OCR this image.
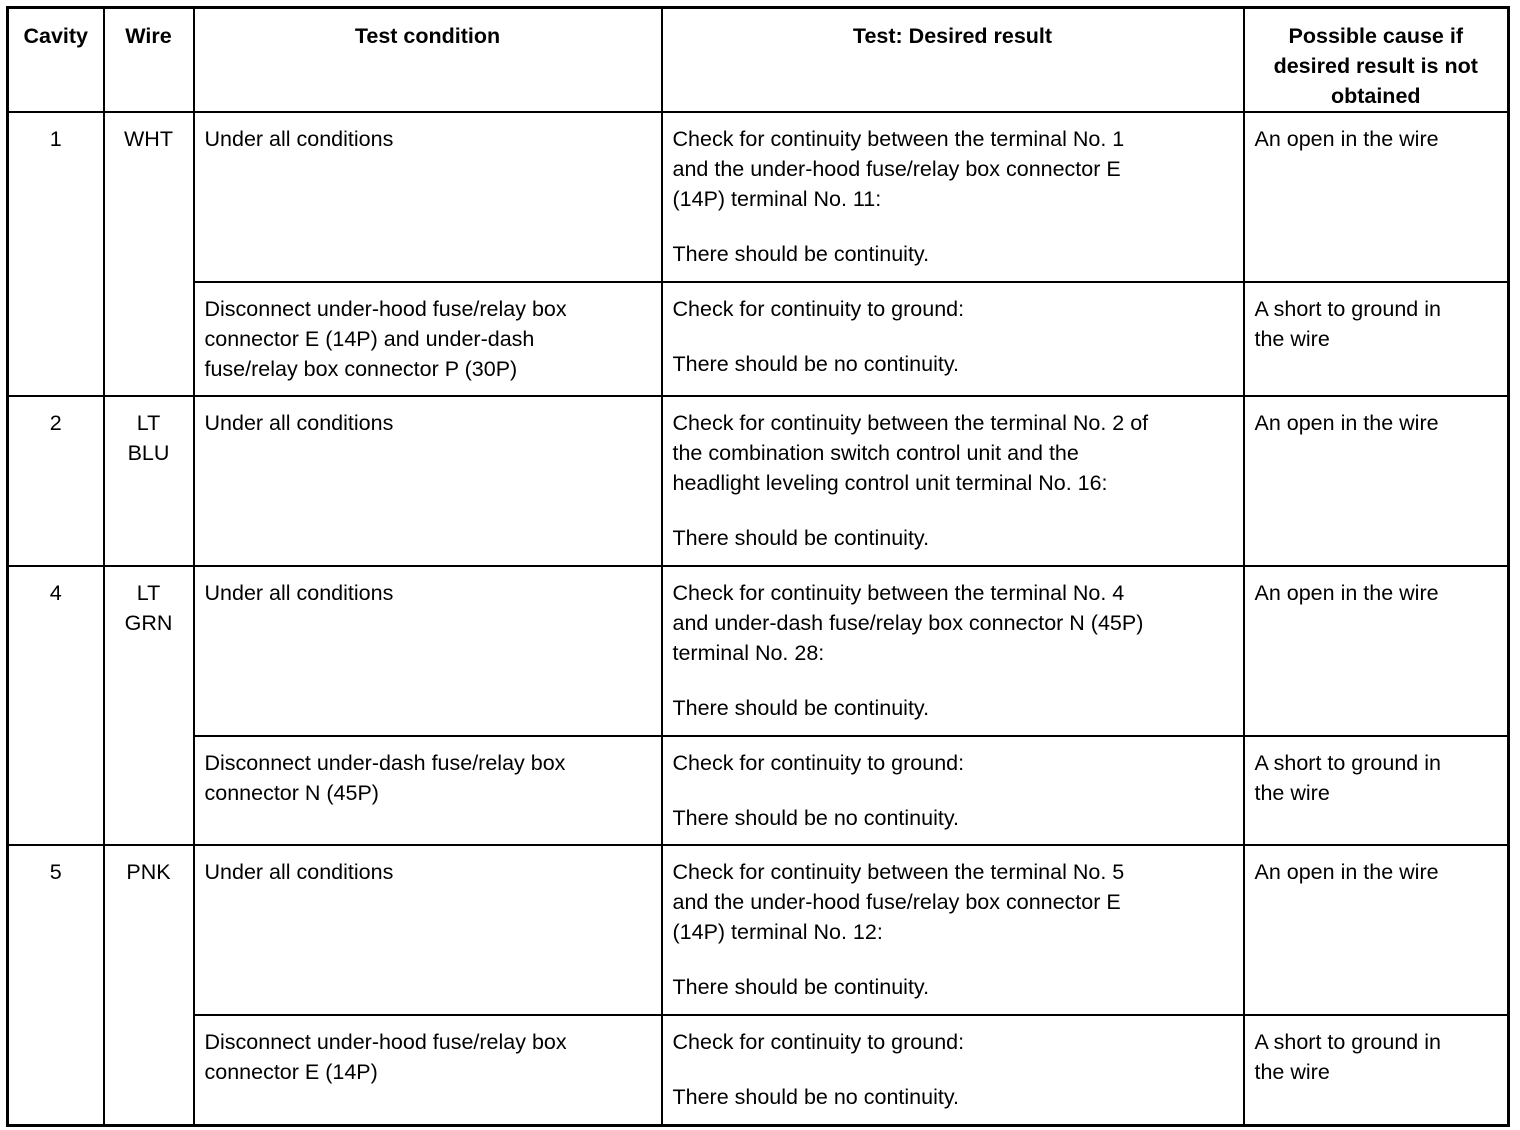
Cavity	Wire	Test condition	Test: Desired result	Possible cause if
desired result is not
obtained

1	WHT	Under all conditions	Check for continuity between the terminal No. 1
and the under-hood fuse/relay box connector E
(14P) terminal No. 11:
There should be continuity.	An open in the wire

		Disconnect under-hood fuse/relay box
connector E (14P) and under-dash
fuse/relay box connector P (30P)	Check for continuity to ground:
There should be no continuity.	A short to ground in
the wire

2	LT
BLU	Under all conditions	Check for continuity between the terminal No. 2 of
the combination switch control unit and the
headlight leveling control unit terminal No. 16:
There should be continuity.	An open in the wire

4	LT
GRN	Under all conditions	Check for continuity between the terminal No. 4
and under-dash fuse/relay box connector N (45P)
terminal No. 28:
There should be continuity.	An open in the wire

		Disconnect under-dash fuse/relay box
connector N (45P)	Check for continuity to ground:
There should be no continuity.	A short to ground in
the wire

5	PNK	Under all conditions	Check for continuity between the terminal No. 5
and the under-hood fuse/relay box connector E
(14P) terminal No. 12:
There should be continuity.	An open in the wire

		Disconnect under-hood fuse/relay box
connector E (14P)	Check for continuity to ground:
There should be no continuity.	A short to ground in
the wire
